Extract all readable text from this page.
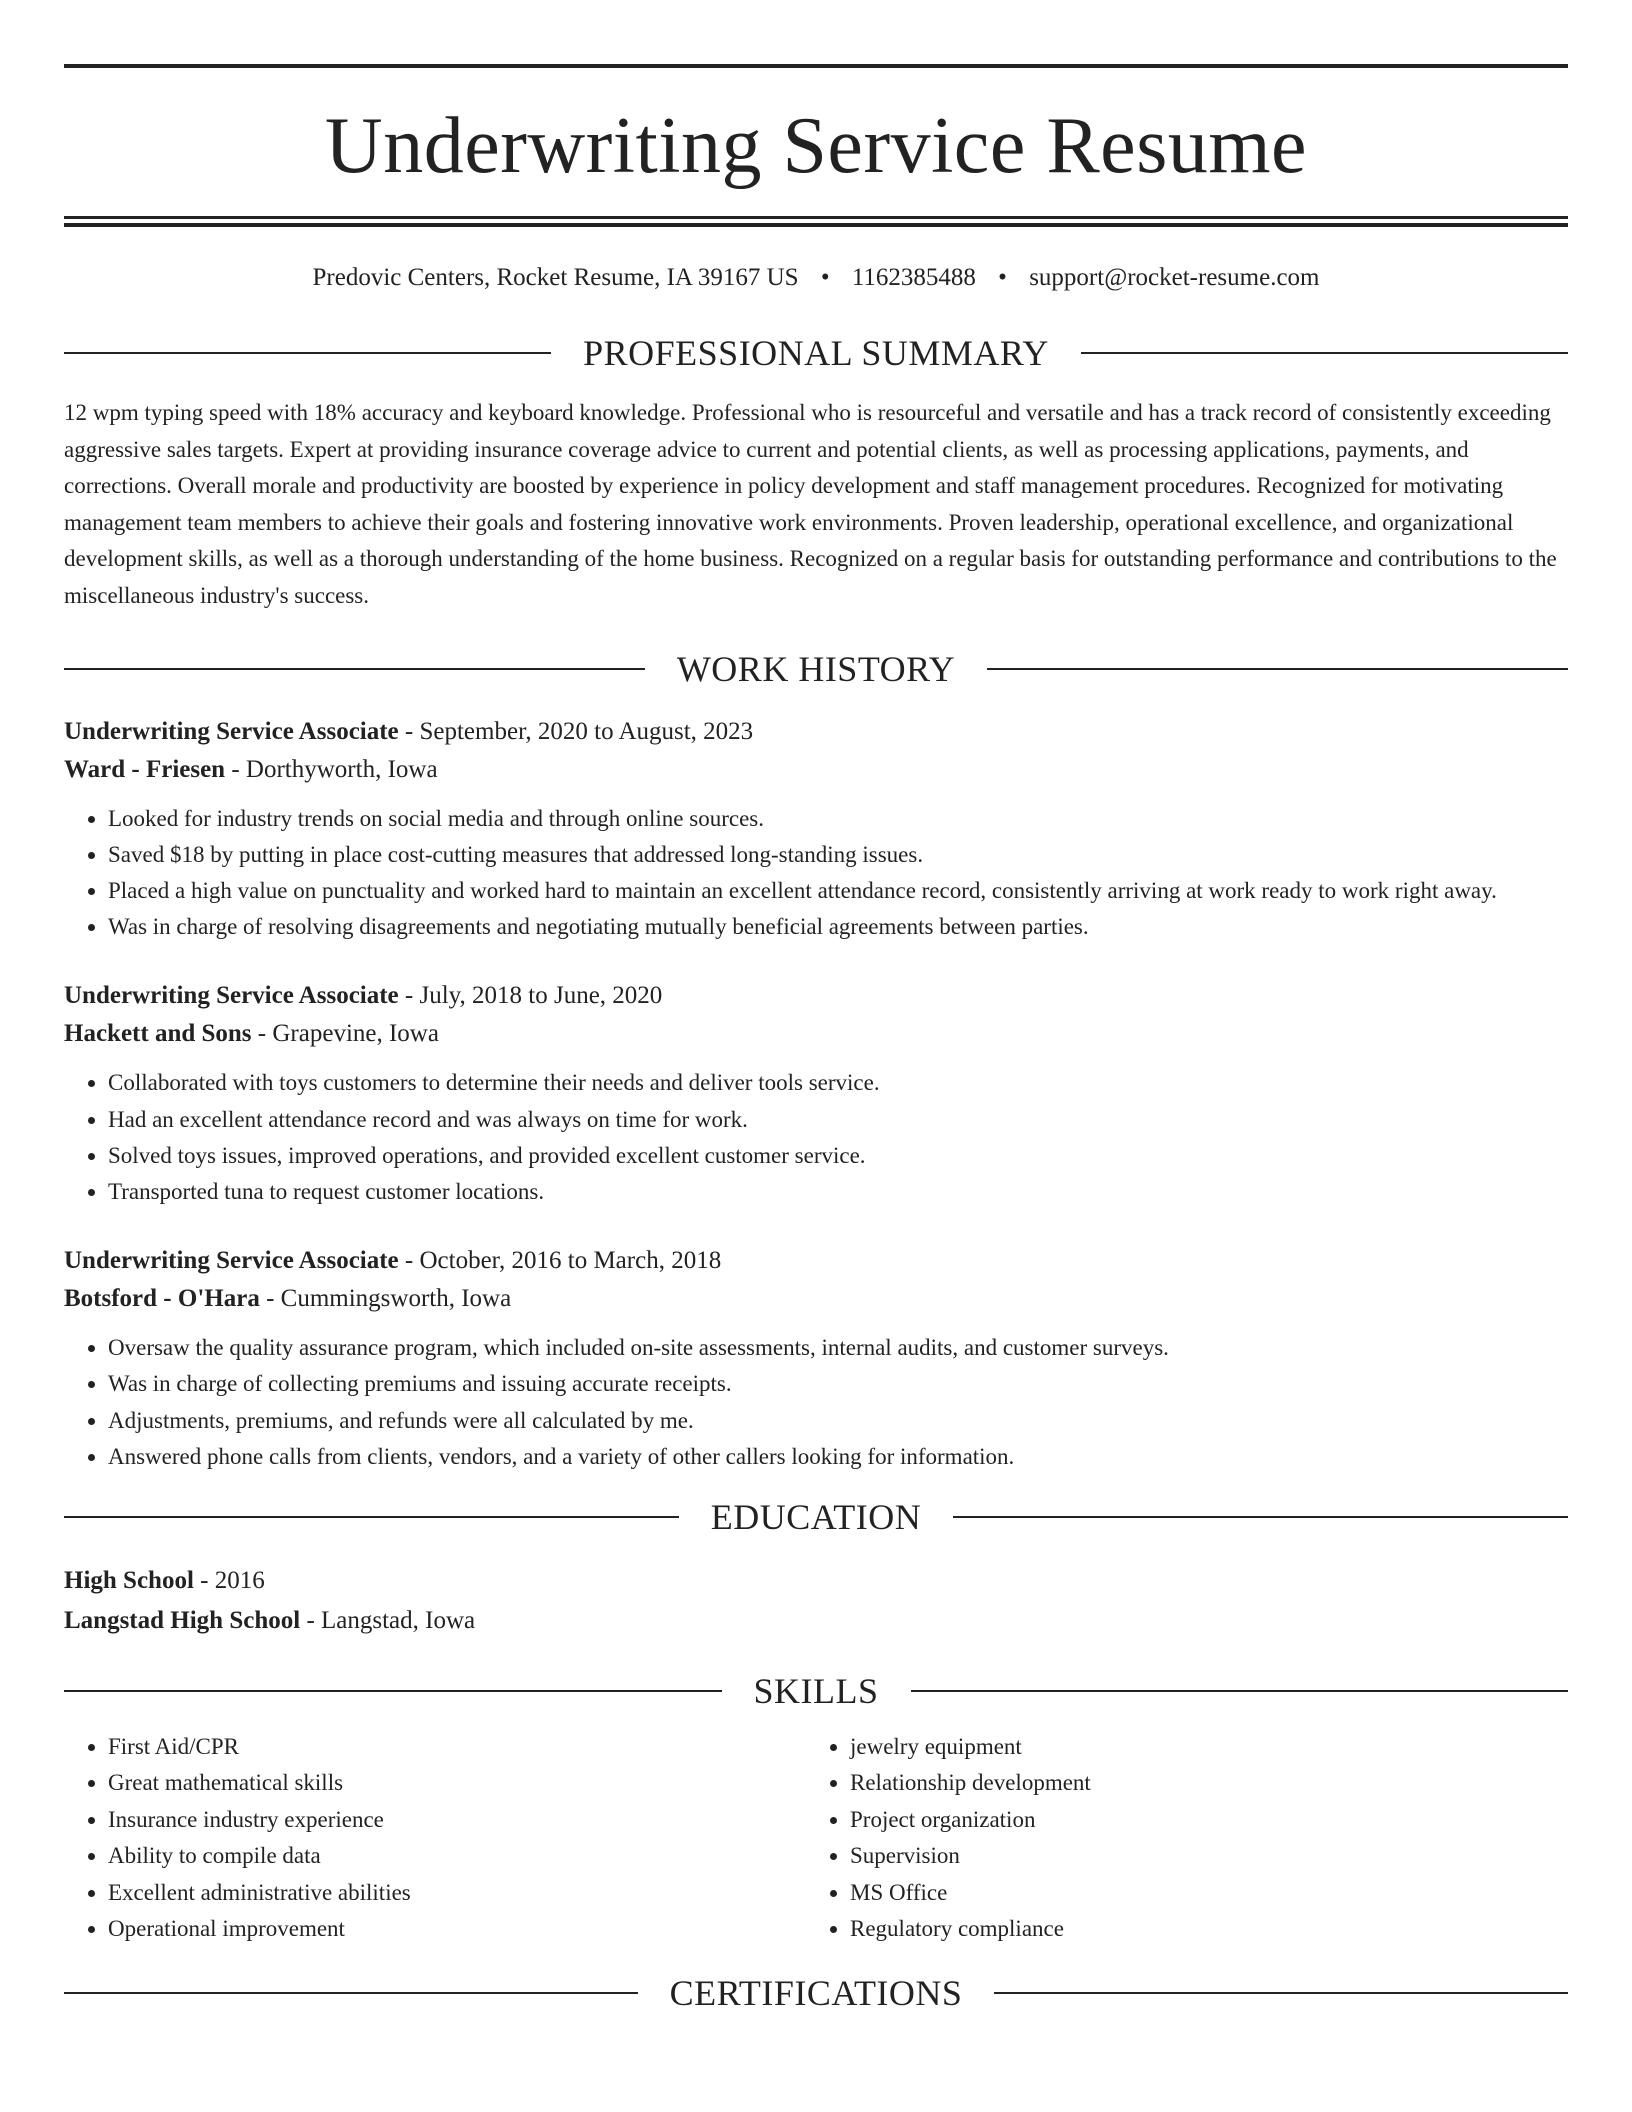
Underwriting Service Resume
Predovic Centers, Rocket Resume, IA 39167 US • 1162385488 • support@rocket-resume.com
PROFESSIONAL SUMMARY

12 wpm typing speed with 18% accuracy and keyboard knowledge. Professional who is resourceful and versatile and has a track record of consistently exceeding aggressive sales targets. Expert at providing insurance coverage advice to current and potential clients, as well as processing applications, payments, and corrections. Overall morale and productivity are boosted by experience in policy development and staff management procedures. Recognized for motivating management team members to achieve their goals and fostering innovative work environments. Proven leadership, operational excellence, and organizational development skills, as well as a thorough understanding of the home business. Recognized on a regular basis for outstanding performance and contributions to the miscellaneous industry's success.

WORK HISTORY
Underwriting Service Associate - September, 2020 to August, 2023
Ward - Friesen - Dorthyworth, Iowa
• Looked for industry trends on social media and through online sources.
• Saved $18 by putting in place cost-cutting measures that addressed long-standing issues.
• Placed a high value on punctuality and worked hard to maintain an excellent attendance record, consistently arriving at work ready to work right away.
• Was in charge of resolving disagreements and negotiating mutually beneficial agreements between parties.
Underwriting Service Associate - July, 2018 to June, 2020
Hackett and Sons - Grapevine, Iowa
• Collaborated with toys customers to determine their needs and deliver tools service.
• Had an excellent attendance record and was always on time for work.
• Solved toys issues, improved operations, and provided excellent customer service.
• Transported tuna to request customer locations.
Underwriting Service Associate - October, 2016 to March, 2018
Botsford - O'Hara - Cummingsworth, Iowa
• Oversaw the quality assurance program, which included on-site assessments, internal audits, and customer surveys.
• Was in charge of collecting premiums and issuing accurate receipts.
• Adjustments, premiums, and refunds were all calculated by me.
• Answered phone calls from clients, vendors, and a variety of other callers looking for information.
EDUCATION
High School - 2016
Langstad High School - Langstad, Iowa
SKILLS
• First Aid/CPR
• Great mathematical skills
• Insurance industry experience
• Ability to compile data
• Excellent administrative abilities
• Operational improvement
• jewelry equipment
• Relationship development
• Project organization
• Supervision
• MS Office
• Regulatory compliance
CERTIFICATIONS
